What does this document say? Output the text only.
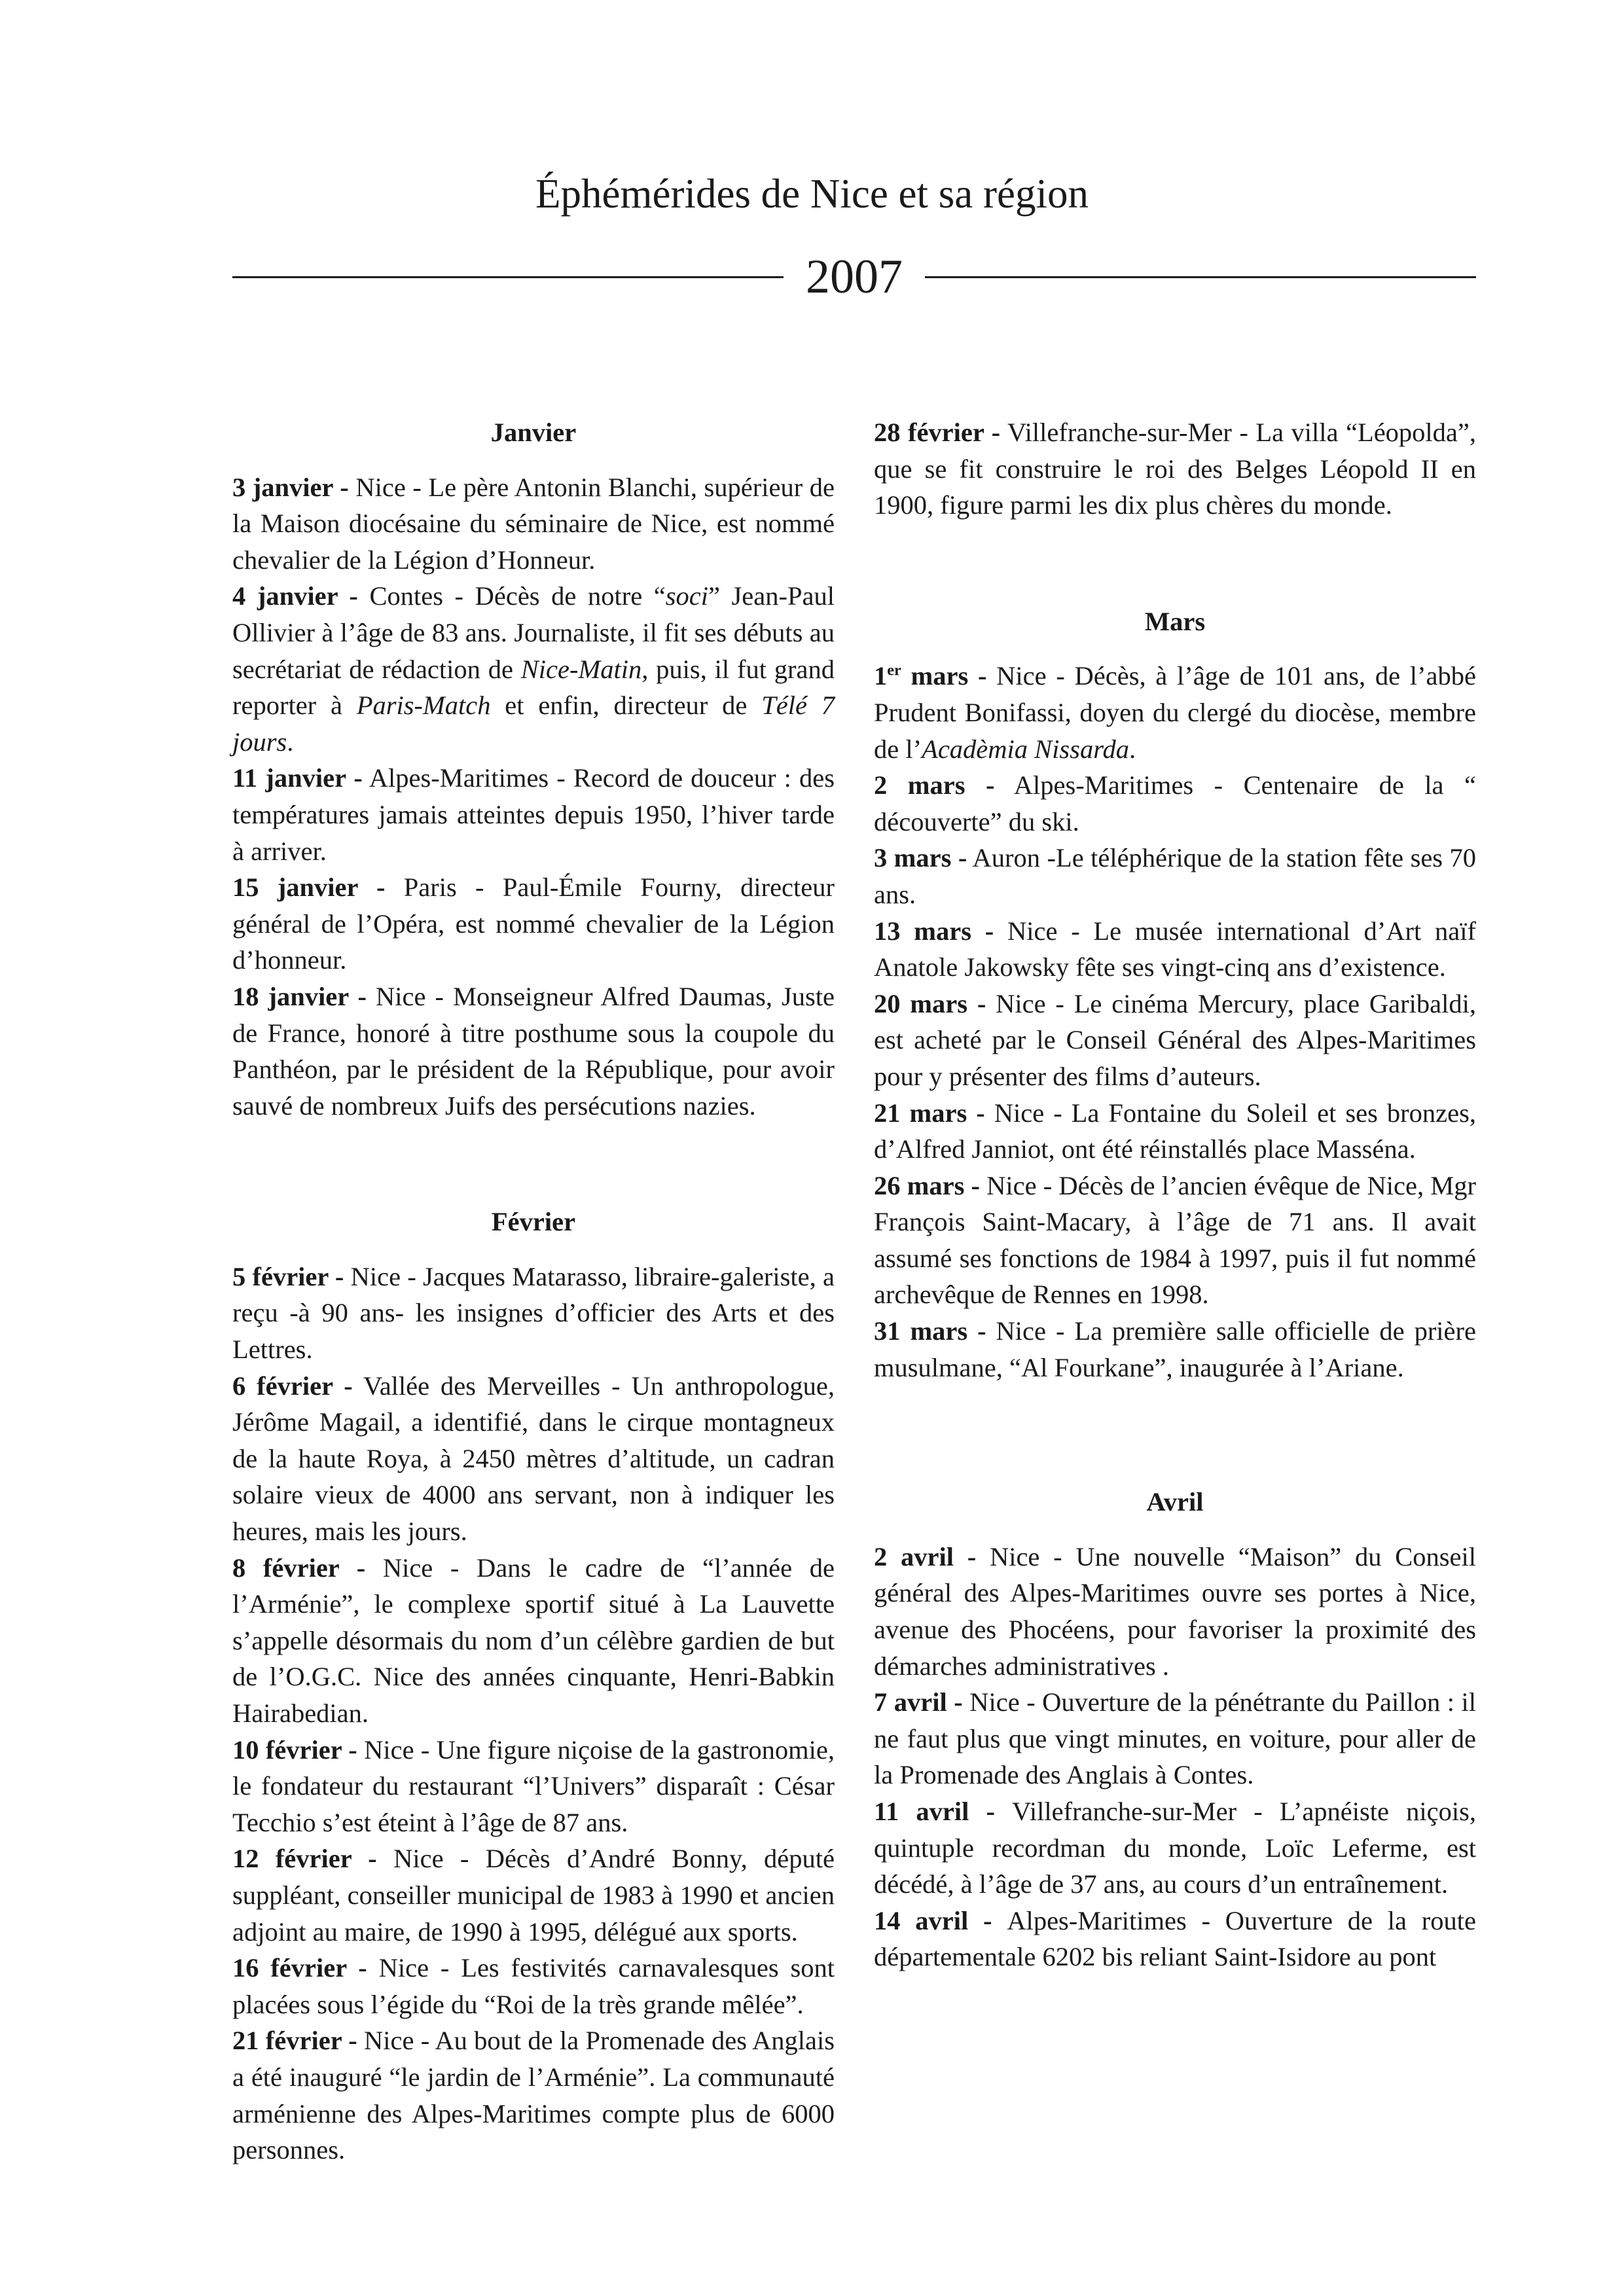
Éphémérides de Nice et sa région
2007

Janvier

3 janvier - Nice - Le père Antonin Blanchi, supérieur de la Maison diocésaine du séminaire de Nice, est nommé chevalier de la Légion d’Honneur.

4 janvier - Contes - Décès de notre “soci” Jean-Paul Ollivier à l’âge de 83 ans. Journaliste, il fit ses débuts au secrétariat de rédaction de Nice-Matin, puis, il fut grand reporter à Paris-Match et enfin, directeur de Télé 7 jours.

11 janvier - Alpes-Maritimes - Record de douceur : des températures jamais atteintes depuis 1950, l’hiver tarde à arriver.

15 janvier - Paris - Paul-Émile Fourny, directeur général de l’Opéra, est nommé chevalier de la Légion d’honneur.

18 janvier - Nice - Monseigneur Alfred Daumas, Juste de France, honoré à titre posthume sous la coupole du Panthéon, par le président de la République, pour avoir sauvé de nombreux Juifs des persécutions nazies.

Février

5 février - Nice - Jacques Matarasso, libraire-galeriste, a reçu -à 90 ans- les insignes d’officier des Arts et des Lettres.

6 février - Vallée des Merveilles - Un anthropologue, Jérôme Magail, a identifié, dans le cirque montagneux de la haute Roya, à 2450 mètres d’altitude, un cadran solaire vieux de 4000 ans servant, non à indiquer les heures, mais les jours.

8 février - Nice - Dans le cadre de “l’année de l’Arménie”, le complexe sportif situé à La Lauvette s’appelle désormais du nom d’un célèbre gardien de but de l’O.G.C. Nice des années cinquante, Henri-Babkin Hairabedian.

10 février - Nice - Une figure niçoise de la gastronomie, le fondateur du restaurant “l’Univers” disparaît : César Tecchio s’est éteint à l’âge de 87 ans.

12 février - Nice - Décès d’André Bonny, député suppléant, conseiller municipal de 1983 à 1990 et ancien adjoint au maire, de 1990 à 1995, délégué aux sports.

16 février - Nice - Les festivités carnavalesques sont placées sous l’égide du “Roi de la très grande mêlée”.

21 février - Nice - Au bout de la Promenade des Anglais a été inauguré “le jardin de l’Arménie”. La communauté arménienne des Alpes-Maritimes compte plus de 6000 personnes.

28 février - Villefranche-sur-Mer - La villa “Léopolda”, que se fit construire le roi des Belges Léopold II en 1900, figure parmi les dix plus chères du monde.

Mars

1er mars - Nice - Décès, à l’âge de 101 ans, de l’abbé Prudent Bonifassi, doyen du clergé du diocèse, membre de l’Acadèmia Nissarda.

2 mars - Alpes-Maritimes - Centenaire de la “ découverte” du ski.

3 mars - Auron -Le téléphérique de la station fête ses 70 ans.

13 mars - Nice - Le musée international d’Art naïf Anatole Jakowsky fête ses vingt-cinq ans d’existence.

20 mars - Nice - Le cinéma Mercury, place Garibaldi, est acheté par le Conseil Général des Alpes-Maritimes pour y présenter des films d’auteurs.

21 mars - Nice - La Fontaine du Soleil et ses bronzes, d’Alfred Janniot, ont été réinstallés place Masséna.

26 mars - Nice - Décès de l’ancien évêque de Nice, Mgr François Saint-Macary, à l’âge de 71 ans. Il avait assumé ses fonctions de 1984 à 1997, puis il fut nommé archevêque de Rennes en 1998.

31 mars - Nice - La première salle officielle de prière musulmane, “Al Fourkane”, inaugurée à l’Ariane.

Avril

2 avril - Nice - Une nouvelle “Maison” du Conseil général des Alpes-Maritimes ouvre ses portes à Nice, avenue des Phocéens, pour favoriser la proximité des démarches administratives .

7 avril - Nice - Ouverture de la pénétrante du Paillon : il ne faut plus que vingt minutes, en voiture, pour aller de la Promenade des Anglais à Contes.

11 avril - Villefranche-sur-Mer - L’apnéiste niçois, quintuple recordman du monde, Loïc Leferme, est décédé, à l’âge de 37 ans, au cours d’un entraînement.

14 avril - Alpes-Maritimes - Ouverture de la route départementale 6202 bis reliant Saint-Isidore au pont
